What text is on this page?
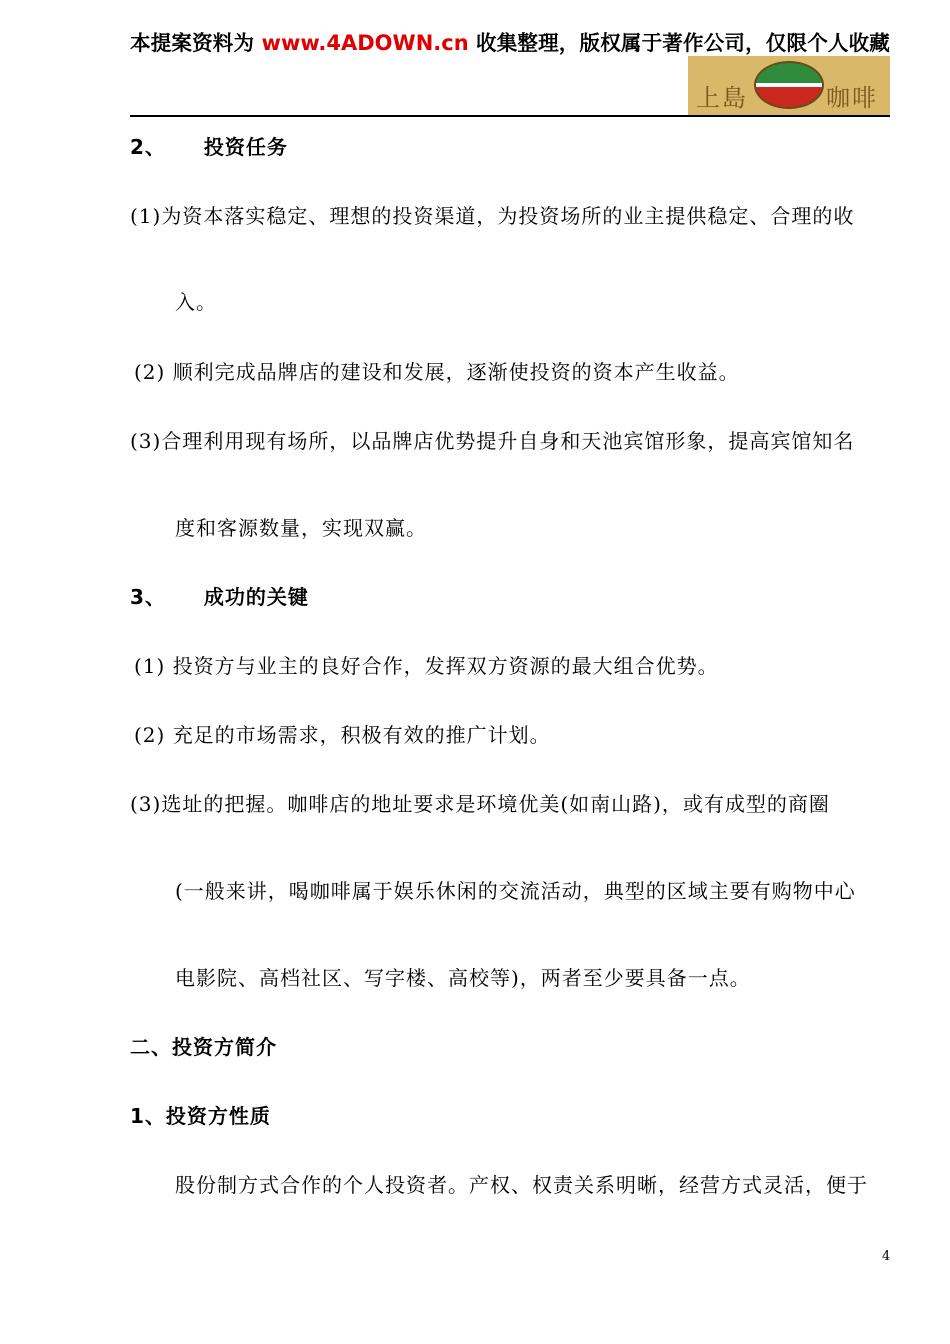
本提案资料为 www.4ADOWN.cn 收集整理，版权属于著作公司，仅限个人收藏
上島	咖啡
2、 投资任务
(1)为资本落实稳定、理想的投资渠道，为投资场所的业主提供稳定、合理的收
入。
(2) 顺利完成品牌店的建设和发展，逐渐使投资的资本产生收益。
(3)合理利用现有场所，以品牌店优势提升自身和天池宾馆形象，提高宾馆知名
度和客源数量，实现双赢。
3、 成功的关键
(1) 投资方与业主的良好合作，发挥双方资源的最大组合优势。
(2) 充足的市场需求，积极有效的推广计划。
(3)选址的把握。咖啡店的地址要求是环境优美(如南山路)，或有成型的商圈
(一般来讲，喝咖啡属于娱乐休闲的交流活动，典型的区域主要有购物中心
电影院、高档社区、写字楼、高校等)，两者至少要具备一点。
二、投资方简介
1、投资方性质
股份制方式合作的个人投资者。产权、权责关系明晰，经营方式灵活，便于
4
